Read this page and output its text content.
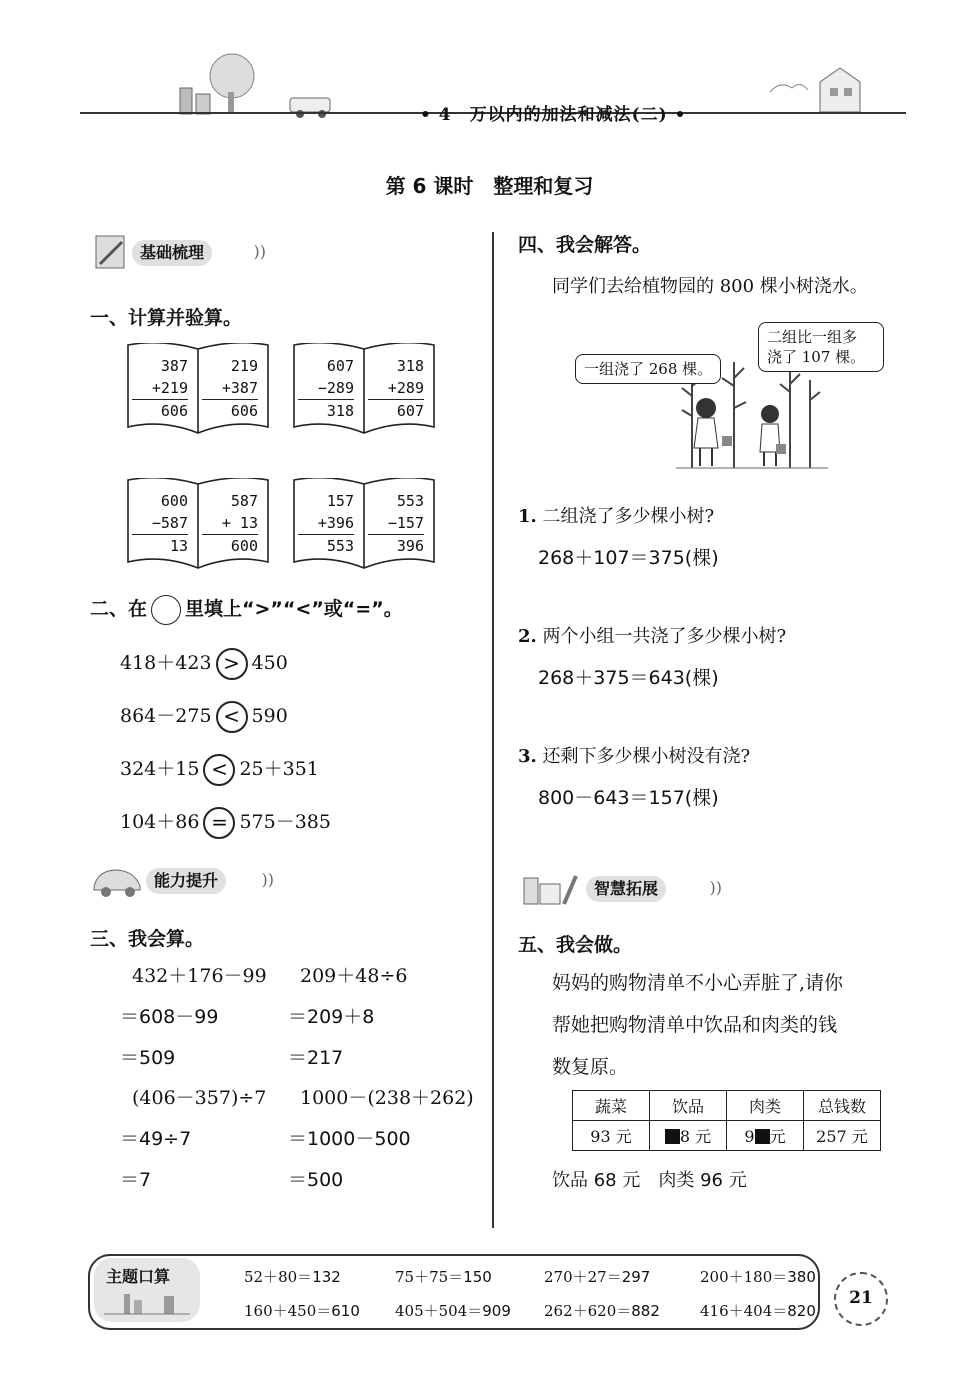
• 4　万以内的加法和减法(二) •
第 6 课时　整理和复习
基础梳理	))
一、计算并验算。
387
+219
606
219
+387
606
607
−289
318
318
+289
607
600
−587
13
587
+ 13
600
157
+396
553
553
−157
396
二、在 里填上“>”“<”或“=”。
418＋423 > 450
864－275 < 590
324＋15 < 25＋351
104＋86 = 575－385
能力提升	))
三、我会算。
432＋176－99
＝608－99
＝509
(406－357)÷7
＝49÷7
＝7
209＋48÷6
＝209＋8
＝217
1000－(238＋262)
＝1000－500
＝500
四、我会解答。
同学们去给植物园的 800 棵小树浇水。
一组浇了 268 棵。
二组比一组多
浇了 107 棵。
1. 二组浇了多少棵小树?
268＋107＝375(棵)
2. 两个小组一共浇了多少棵小树?
268＋375＝643(棵)
3. 还剩下多少棵小树没有浇?
800－643＝157(棵)
智慧拓展	))
五、我会做。
妈妈的购物清单不小心弄脏了,请你
帮她把购物清单中饮品和肉类的钱
数复原。
蔬菜	饮品	肉类	总钱数
93 元	8 元	9 元	257 元
饮品 68 元　肉类 96 元
主题口算	52＋80＝132	75＋75＝150	270＋27＝297	200＋180＝380
160＋450＝610 405＋504＝909 262＋620＝882	416＋404＝820
21
